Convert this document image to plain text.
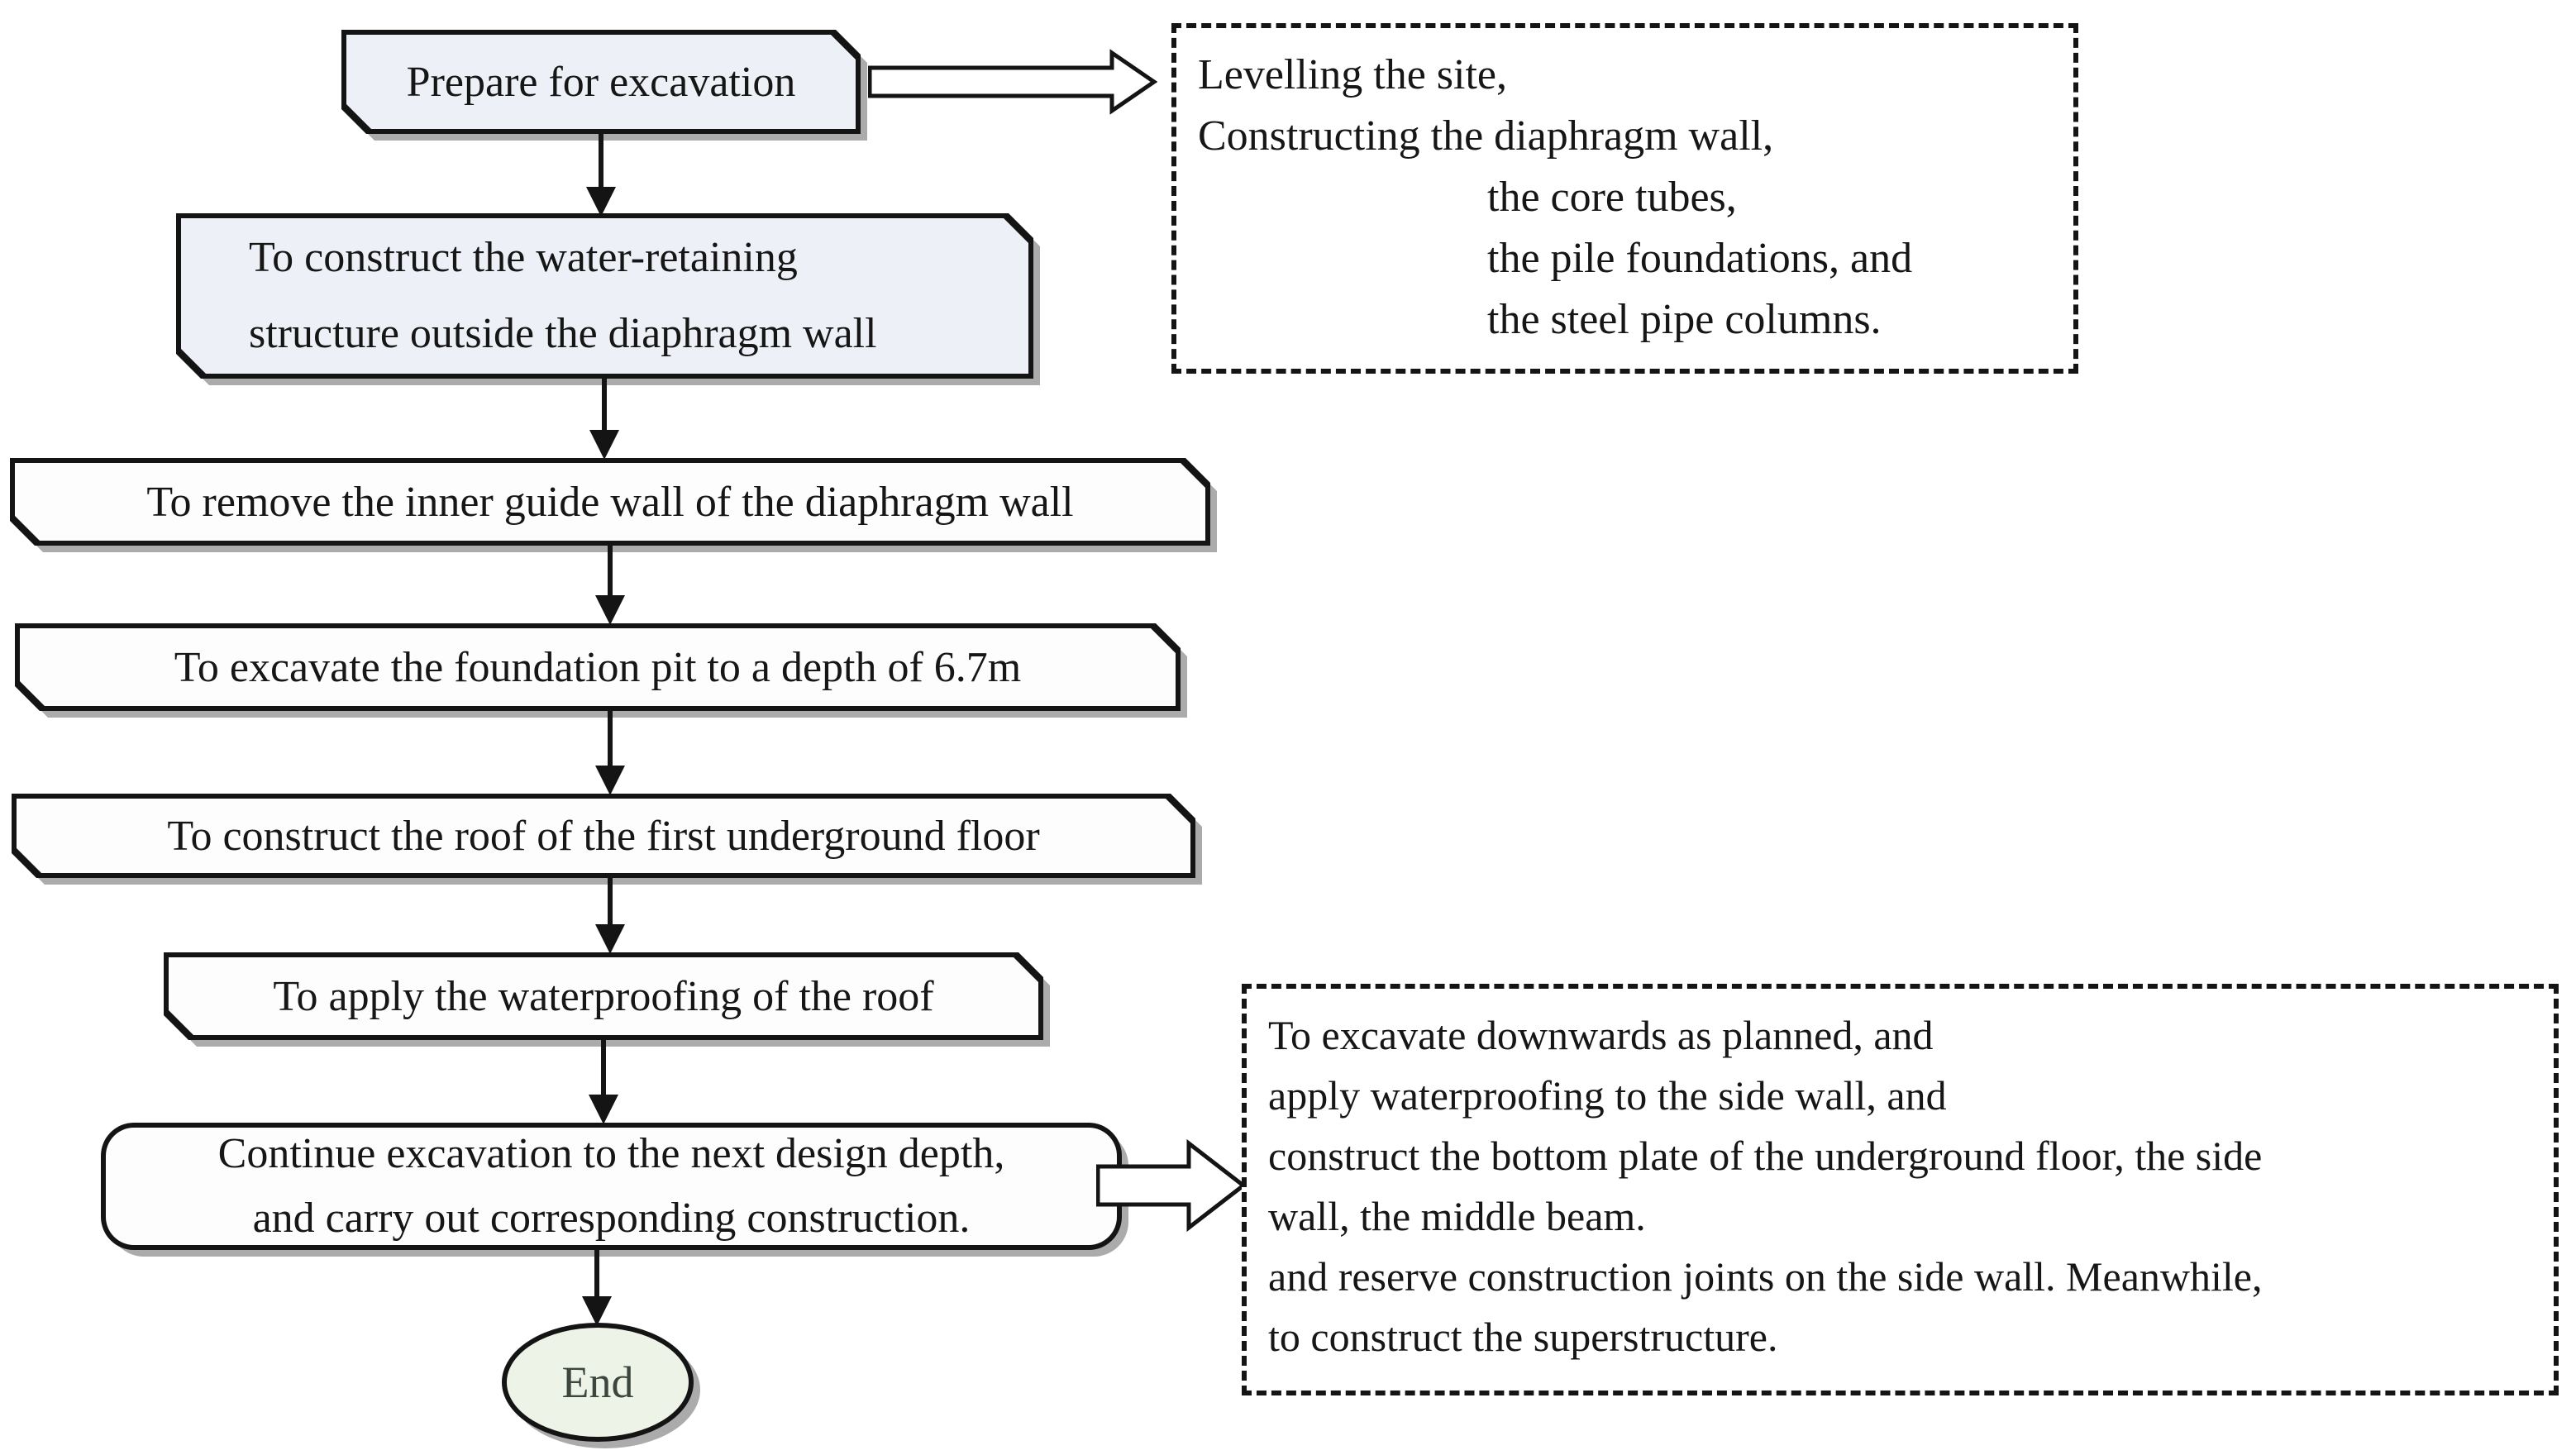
Prepare for excavation	Levelling the site,
Constructing the diaphragm wall,
the core tubes,
the pile foundations, and
the steel pipe columns.
To construct the water-retaining
structure outside the diaphragm wall
To remove the inner guide wall of the diaphragm wall
To excavate the foundation pit to a depth of 6.7m
To construct the roof of the first underground floor
To apply the waterproofing of the roof
Continue excavation to the next design depth,
and carry out corresponding construction.
To excavate downwards as planned, and
apply waterproofing to the side wall, and
construct the bottom plate of the underground floor, the side
wall, the middle beam.
and reserve construction joints on the side wall. Meanwhile,
to construct the superstructure.
End
